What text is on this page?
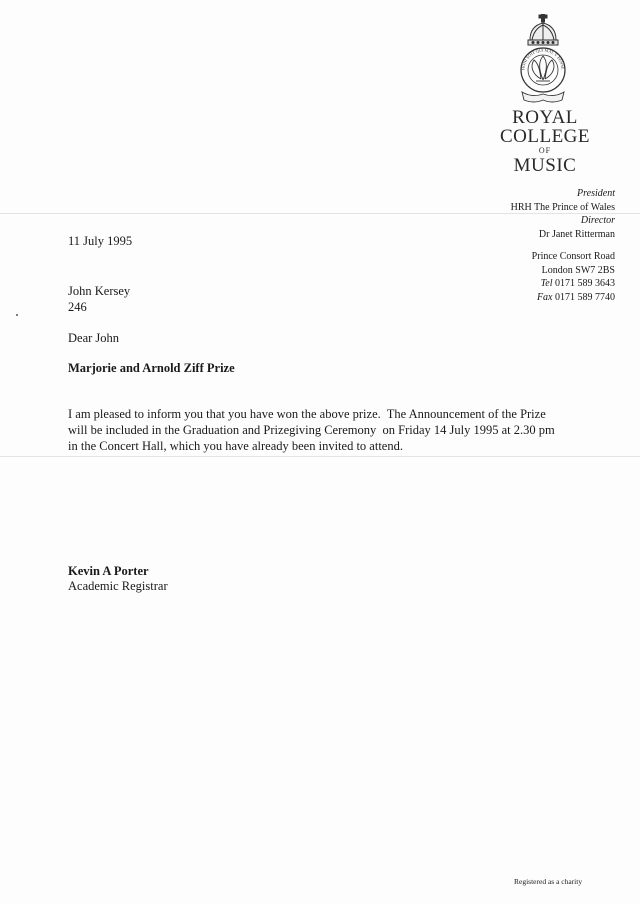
HONI SOIT QUI MAL Y PENSE
ROYAL
COLLEGE
OF
MUSIC
President
HRH The Prince of Wales
Director
Dr Janet Ritterman
Prince Consort Road
London SW7 2BS
Tel 0171 589 3643
Fax 0171 589 7740
11 July 1995
John Kersey
246
Dear John
Marjorie and Arnold Ziff Prize
I am pleased to inform you that you have won the above prize.  The Announcement of the Prize
will be included in the Graduation and Prizegiving Ceremony  on Friday 14 July 1995 at 2.30 pm
in the Concert Hall, which you have already been invited to attend.
Kevin A Porter
Academic Registrar
Registered as a charity
